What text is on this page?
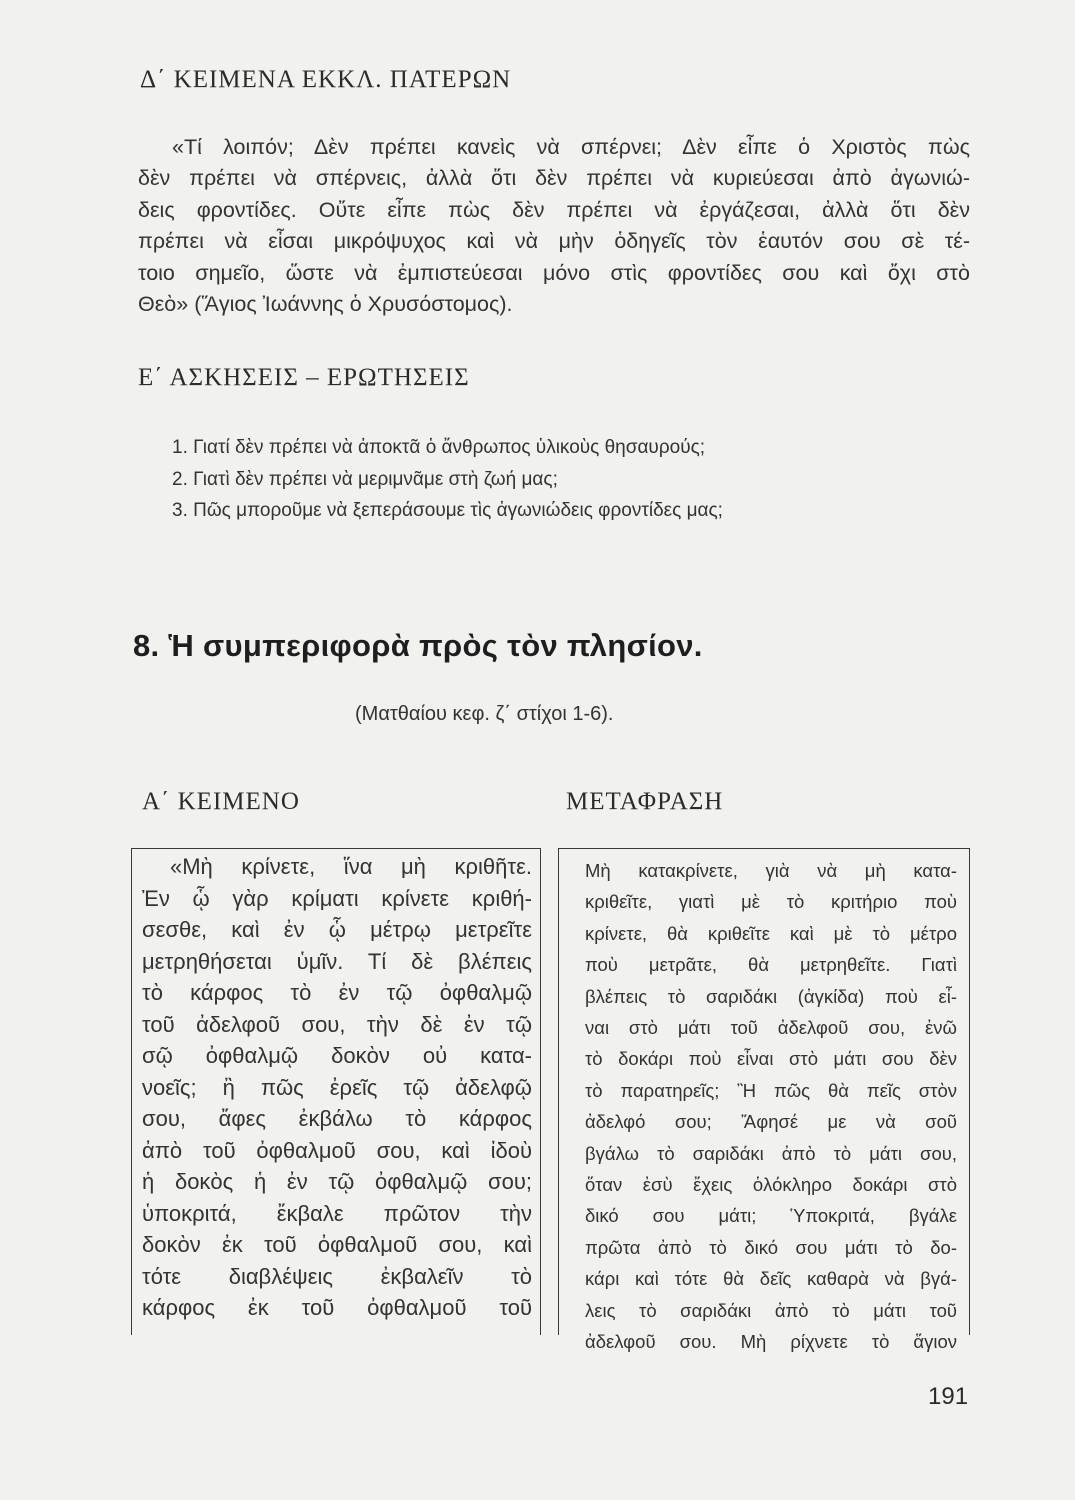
Δ΄ ΚΕΙΜΕΝΑ ΕΚΚΛ. ΠΑΤΕΡΩΝ
«Τί λοιπόν; Δὲν πρέπει κανεὶς νὰ σπέρνει; Δὲν εἶπε ὁ Χριστὸς πὼς
δὲν πρέπει νὰ σπέρνεις, ἀλλὰ ὅτι δὲν πρέπει νὰ κυριεύεσαι ἀπὸ ἀγωνιώ-
δεις φροντίδες. Οὔτε εἶπε πὼς δὲν πρέπει νὰ ἐργάζεσαι, ἀλλὰ ὅτι δὲν
πρέπει νὰ εἶσαι μικρόψυχος καὶ νὰ μὴν ὁδηγεῖς τὸν ἑαυτόν σου σὲ τέ-
τοιο σημεῖο, ὥστε νὰ ἐμπιστεύεσαι μόνο στὶς φροντίδες σου καὶ ὄχι στὸ
Θεὸ» (Ἅγιος Ἰωάννης ὁ Χρυσόστομος).
Ε΄ ΑΣΚΗΣΕΙΣ – ΕΡΩΤΗΣΕΙΣ
1. Γιατί δὲν πρέπει νὰ ἀποκτᾶ ὁ ἄνθρωπος ὑλικοὺς θησαυρούς;
2. Γιατὶ δὲν πρέπει νὰ μεριμνᾶμε στὴ ζωή μας;
3. Πῶς μποροῦμε νὰ ξεπεράσουμε τὶς ἀγωνιώδεις φροντίδες μας;
8. Ἡ συμπεριφορὰ πρὸς τὸν πλησίον.

(Ματθαίου κεφ. ζ΄ στίχοι 1-6).

Α΄ ΚΕΙΜΕΝΟ	ΜΕΤΑΦΡΑΣΗ
«Μὴ κρίνετε, ἵνα μὴ κριθῆτε.
Ἐν ᾧ γὰρ κρίματι κρίνετε κριθή-
σεσθε, καὶ ἐν ᾧ μέτρῳ μετρεῖτε
μετρηθήσεται ὑμῖν. Τί δὲ βλέπεις
τὸ κάρφος τὸ ἐν τῷ ὀφθαλμῷ
τοῦ ἀδελφοῦ σου, τὴν δὲ ἐν τῷ
σῷ ὀφθαλμῷ δοκὸν οὐ κατα-
νοεῖς; ἢ πῶς ἐρεῖς τῷ ἀδελφῷ
σου, ἄφες ἐκβάλω τὸ κάρφος
ἀπὸ τοῦ ὀφθαλμοῦ σου, καὶ ἰδοὺ
ἡ δοκὸς ἡ ἐν τῷ ὀφθαλμῷ σου;
ὑποκριτά, ἔκβαλε πρῶτον τὴν
δοκὸν ἐκ τοῦ ὀφθαλμοῦ σου, καὶ
τότε διαβλέψεις ἐκβαλεῖν τὸ
κάρφος ἐκ τοῦ ὀφθαλμοῦ τοῦ
Μὴ κατακρίνετε, γιὰ νὰ μὴ κατα-
κριθεῖτε, γιατὶ μὲ τὸ κριτήριο ποὺ
κρίνετε, θὰ κριθεῖτε καὶ μὲ τὸ μέτρο
ποὺ μετρᾶτε, θὰ μετρηθεῖτε. Γιατὶ
βλέπεις τὸ σαριδάκι (ἀγκίδα) ποὺ εἶ-
ναι στὸ μάτι τοῦ ἀδελφοῦ σου, ἐνῶ
τὸ δοκάρι ποὺ εἶναι στὸ μάτι σου δὲν
τὸ παρατηρεῖς; Ἢ πῶς θὰ πεῖς στὸν
ἀδελφό σου; Ἄφησέ με νὰ σοῦ
βγάλω τὸ σαριδάκι ἀπὸ τὸ μάτι σου,
ὅταν ἐσὺ ἔχεις ὁλόκληρο δοκάρι στὸ
δικό σου μάτι; Ὑποκριτά, βγάλε
πρῶτα ἀπὸ τὸ δικό σου μάτι τὸ δο-
κάρι καὶ τότε θὰ δεῖς καθαρὰ νὰ βγά-
λεις τὸ σαριδάκι ἀπὸ τὸ μάτι τοῦ
ἀδελφοῦ σου. Μὴ ρίχνετε τὸ ἅγιον

191
